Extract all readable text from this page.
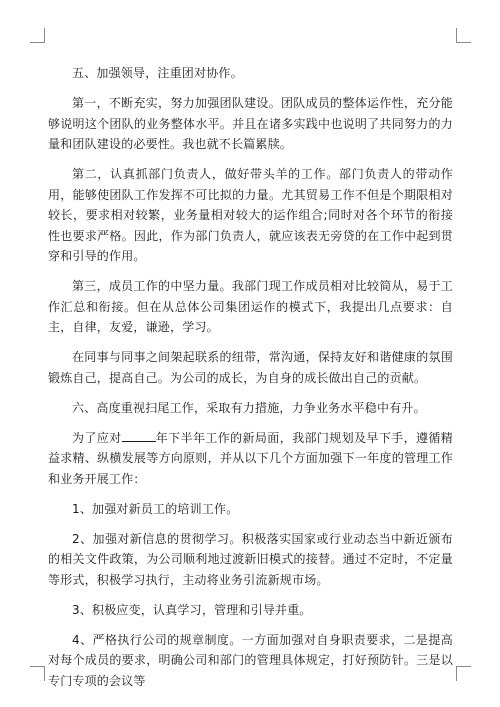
五、加强领导，注重团对协作。

第一，不断充实，努力加强团队建设。团队成员的整体运作性，充分能够说明这个团队的业务整体水平。并且在诸多实践中也说明了共同努力的力量和团队建设的必要性。我也就不长篇累牍。

第二，认真抓部门负责人，做好带头羊的工作。部门负责人的带动作用，能够使团队工作发挥不可比拟的力量。尤其贸易工作不但是个期限相对较长，要求相对较繁，业务量相对较大的运作组合;同时对各个环节的衔接性也要求严格。因此，作为部门负责人，就应该表无旁贷的在工作中起到贯穿和引导的作用。

第三，成员工作的中坚力量。我部门现工作成员相对比较简从，易于工作汇总和衔接。但在从总体公司集团运作的模式下，我提出几点要求：自主，自律，友爱，谦逊，学习。

在同事与同事之间架起联系的纽带，常沟通，保持友好和谐健康的氛围锻炼自己，提高自己。为公司的成长，为自身的成长做出自己的贡献。

六、高度重视扫尾工作，采取有力措施，力争业务水平稳中有升。

为了应对	年下半年工作的新局面，我部门规划及早下手，遵循精益求精、纵横发展等方向原则，并从以下几个方面加强下一年度的管理工作和业务开展工作：

1、加强对新员工的培训工作。

2、加强对新信息的贯彻学习。积极落实国家或行业动态当中新近颁布的相关文件政策，为公司顺利地过渡新旧模式的接替。通过不定时，不定量等形式，积极学习执行，主动将业务引流新规市场。

3、积极应变，认真学习，管理和引导并重。

4、严格执行公司的规章制度。一方面加强对自身职责要求，二是提高对每个成员的要求，明确公司和部门的管理具体规定，打好预防针。三是以专门专项的会议等
